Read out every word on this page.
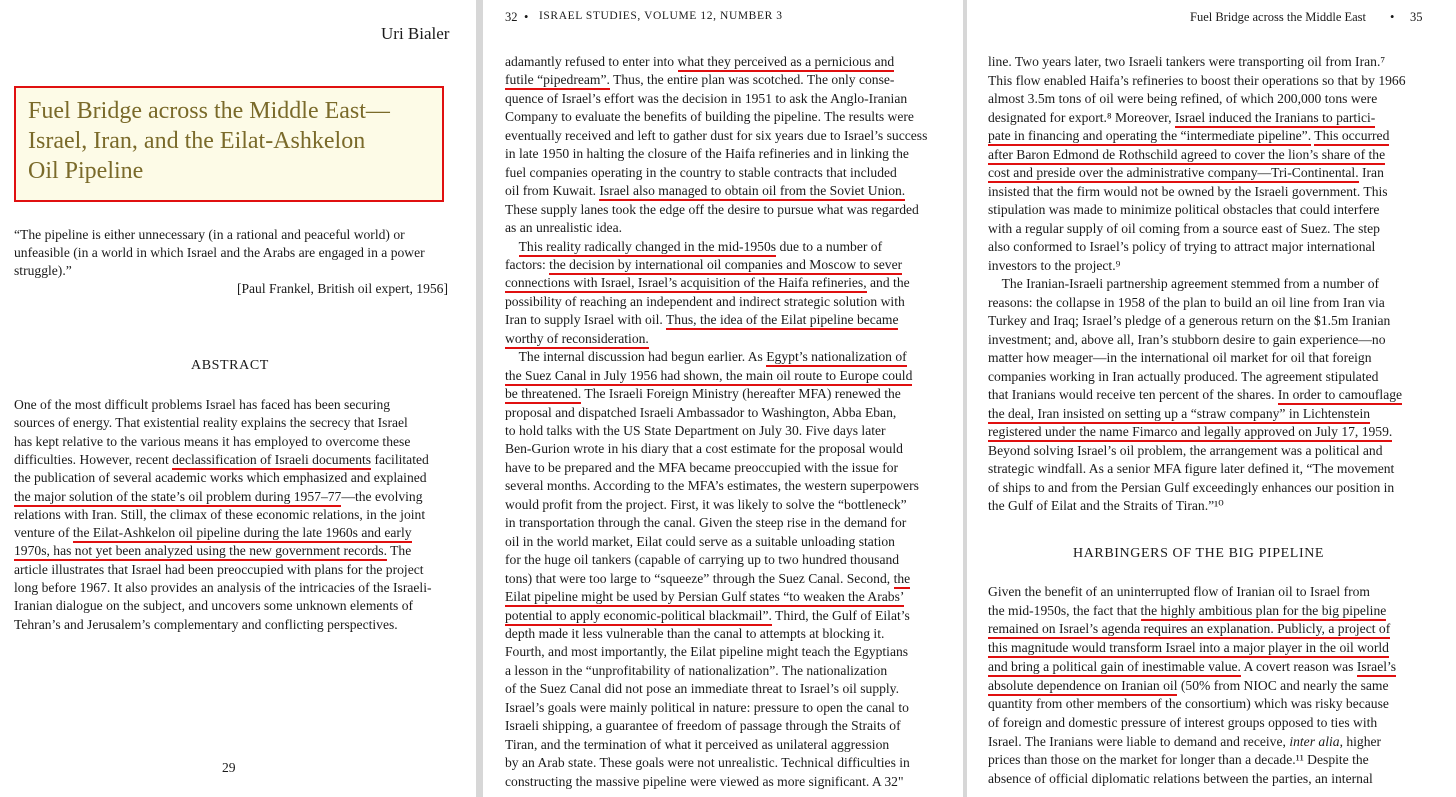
Uri Bialer
Fuel Bridge across the Middle East—
Israel, Iran, and the Eilat-Ashkelon
Oil Pipeline
“The pipeline is either unnecessary (in a rational and peaceful world) or
unfeasible (in a world in which Israel and the Arabs are engaged in a power
struggle).”
[Paul Frankel, British oil expert, 1956]
ABSTRACT
One of the most difficult problems Israel has faced has been securing
sources of energy. That existential reality explains the secrecy that Israel
has kept relative to the various means it has employed to overcome these
difficulties. However, recent declassification of Israeli documents facilitated
the publication of several academic works which emphasized and explained
the major solution of the state’s oil problem during 1957–77—the evolving
relations with Iran. Still, the climax of these economic relations, in the joint
venture of the Eilat-Ashkelon oil pipeline during the late 1960s and early
1970s, has not yet been analyzed using the new government records. The
article illustrates that Israel had been preoccupied with plans for the project
long before 1967. It also provides an analysis of the intricacies of the Israeli-
Iranian dialogue on the subject, and uncovers some unknown elements of
Tehran’s and Jerusalem’s complementary and conflicting perspectives.
29
32 • ISRAEL STUDIES, VOLUME 12, NUMBER 3
adamantly refused to enter into what they perceived as a pernicious and
futile “pipedream”. Thus, the entire plan was scotched. The only conse-
quence of Israel’s effort was the decision in 1951 to ask the Anglo-Iranian
Company to evaluate the benefits of building the pipeline. The results were
eventually received and left to gather dust for six years due to Israel’s success
in late 1950 in halting the closure of the Haifa refineries and in linking the
fuel companies operating in the country to stable contracts that included
oil from Kuwait. Israel also managed to obtain oil from the Soviet Union.
These supply lanes took the edge off the desire to pursue what was regarded
as an unrealistic idea.
 This reality radically changed in the mid-1950s due to a number of
factors: the decision by international oil companies and Moscow to sever
connections with Israel, Israel’s acquisition of the Haifa refineries, and the
possibility of reaching an independent and indirect strategic solution with
Iran to supply Israel with oil. Thus, the idea of the Eilat pipeline became
worthy of reconsideration.
 The internal discussion had begun earlier. As Egypt’s nationalization of
the Suez Canal in July 1956 had shown, the main oil route to Europe could
be threatened. The Israeli Foreign Ministry (hereafter MFA) renewed the
proposal and dispatched Israeli Ambassador to Washington, Abba Eban,
to hold talks with the US State Department on July 30. Five days later
Ben-Gurion wrote in his diary that a cost estimate for the proposal would
have to be prepared and the MFA became preoccupied with the issue for
several months. According to the MFA’s estimates, the western superpowers
would profit from the project. First, it was likely to solve the “bottleneck”
in transportation through the canal. Given the steep rise in the demand for
oil in the world market, Eilat could serve as a suitable unloading station
for the huge oil tankers (capable of carrying up to two hundred thousand
tons) that were too large to “squeeze” through the Suez Canal. Second, the
Eilat pipeline might be used by Persian Gulf states “to weaken the Arabs’
potential to apply economic-political blackmail”. Third, the Gulf of Eilat’s
depth made it less vulnerable than the canal to attempts at blocking it.
Fourth, and most importantly, the Eilat pipeline might teach the Egyptians
a lesson in the “unprofitability of nationalization”. The nationalization
of the Suez Canal did not pose an immediate threat to Israel’s oil supply.
Israel’s goals were mainly political in nature: pressure to open the canal to
Israeli shipping, a guarantee of freedom of passage through the Straits of
Tiran, and the termination of what it perceived as unilateral aggression
by an Arab state. These goals were not unrealistic. Technical difficulties in
constructing the massive pipeline were viewed as more significant. A 32"
Fuel Bridge across the Middle East • 35
line. Two years later, two Israeli tankers were transporting oil from Iran.⁷
This flow enabled Haifa’s refineries to boost their operations so that by 1966
almost 3.5m tons of oil were being refined, of which 200,000 tons were
designated for export.⁸ Moreover, Israel induced the Iranians to partici-
pate in financing and operating the “intermediate pipeline”. This occurred
after Baron Edmond de Rothschild agreed to cover the lion’s share of the
cost and preside over the administrative company—Tri-Continental. Iran
insisted that the firm would not be owned by the Israeli government. This
stipulation was made to minimize political obstacles that could interfere
with a regular supply of oil coming from a source east of Suez. The step
also conformed to Israel’s policy of trying to attract major international
investors to the project.⁹
 The Iranian-Israeli partnership agreement stemmed from a number of
reasons: the collapse in 1958 of the plan to build an oil line from Iran via
Turkey and Iraq; Israel’s pledge of a generous return on the $1.5m Iranian
investment; and, above all, Iran’s stubborn desire to gain experience—no
matter how meager—in the international oil market for oil that foreign
companies working in Iran actually produced. The agreement stipulated
that Iranians would receive ten percent of the shares. In order to camouflage
the deal, Iran insisted on setting up a “straw company” in Lichtenstein
registered under the name Fimarco and legally approved on July 17, 1959.
Beyond solving Israel’s oil problem, the arrangement was a political and
strategic windfall. As a senior MFA figure later defined it, “The movement
of ships to and from the Persian Gulf exceedingly enhances our position in
the Gulf of Eilat and the Straits of Tiran.”¹⁰
HARBINGERS OF THE BIG PIPELINE
Given the benefit of an uninterrupted flow of Iranian oil to Israel from
the mid-1950s, the fact that the highly ambitious plan for the big pipeline
remained on Israel’s agenda requires an explanation. Publicly, a project of
this magnitude would transform Israel into a major player in the oil world
and bring a political gain of inestimable value. A covert reason was Israel’s
absolute dependence on Iranian oil (50% from NIOC and nearly the same
quantity from other members of the consortium) which was risky because
of foreign and domestic pressure of interest groups opposed to ties with
Israel. The Iranians were liable to demand and receive, inter alia, higher
prices than those on the market for longer than a decade.¹¹ Despite the
absence of official diplomatic relations between the parties, an internal
